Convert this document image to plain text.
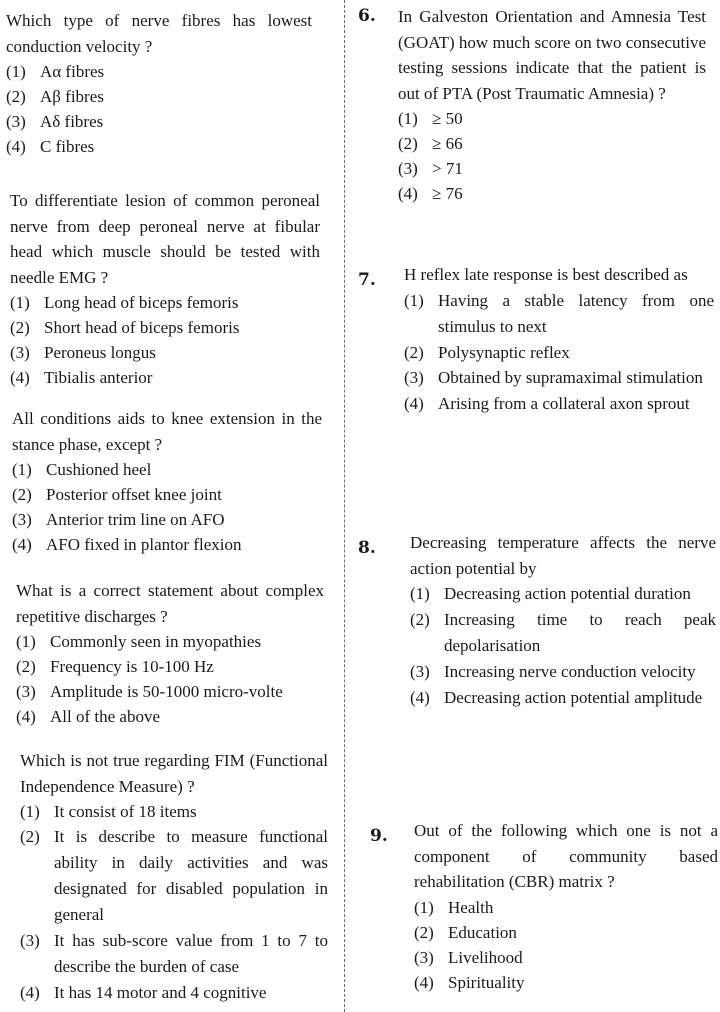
Which type of nerve fibres has lowest conduction velocity ?

(1) Aα fibres
(2) Aβ fibres
(3) Aδ fibres
(4) C fibres

To differentiate lesion of common peroneal nerve from deep peroneal nerve at fibular head which muscle should be tested with needle EMG ?

(1) Long head of biceps femoris
(2) Short head of biceps femoris
(3) Peroneus longus
(4) Tibialis anterior

All conditions aids to knee extension in the stance phase, except ?

(1) Cushioned heel
(2) Posterior offset knee joint
(3) Anterior trim line on AFO
(4) AFO fixed in plantor flexion

What is a correct statement about complex repetitive discharges ?

(1) Commonly seen in myopathies
(2) Frequency is 10-100 Hz
(3) Amplitude is 50-1000 micro-volte
(4) All of the above

Which is not true regarding FIM (Functional Independence Measure) ?

(1) It consist of 18 items
(2) It is describe to measure functional ability in daily activities and was designated for disabled population in general
(3) It has sub-score value from 1 to 7 to describe the burden of case
(4) It has 14 motor and 4 cognitive
6. In Galveston Orientation and Amnesia Test (GOAT) how much score on two consecutive testing sessions indicate that the patient is out of PTA (Post Traumatic Amnesia) ?

(1) ≥ 50
(2) ≥ 66
(3) > 71
(4) ≥ 76
7. H reflex late response is best described as

(1) Having a stable latency from one stimulus to next
(2) Polysynaptic reflex
(3) Obtained by supramaximal stimulation
(4) Arising from a collateral axon sprout
8. Decreasing temperature affects the nerve action potential by

(1) Decreasing action potential duration
(2) Increasing time to reach peak depolarisation
(3) Increasing nerve conduction velocity
(4) Decreasing action potential amplitude
9. Out of the following which one is not a component of community based rehabilitation (CBR) matrix ?

(1) Health
(2) Education
(3) Livelihood
(4) Spirituality
